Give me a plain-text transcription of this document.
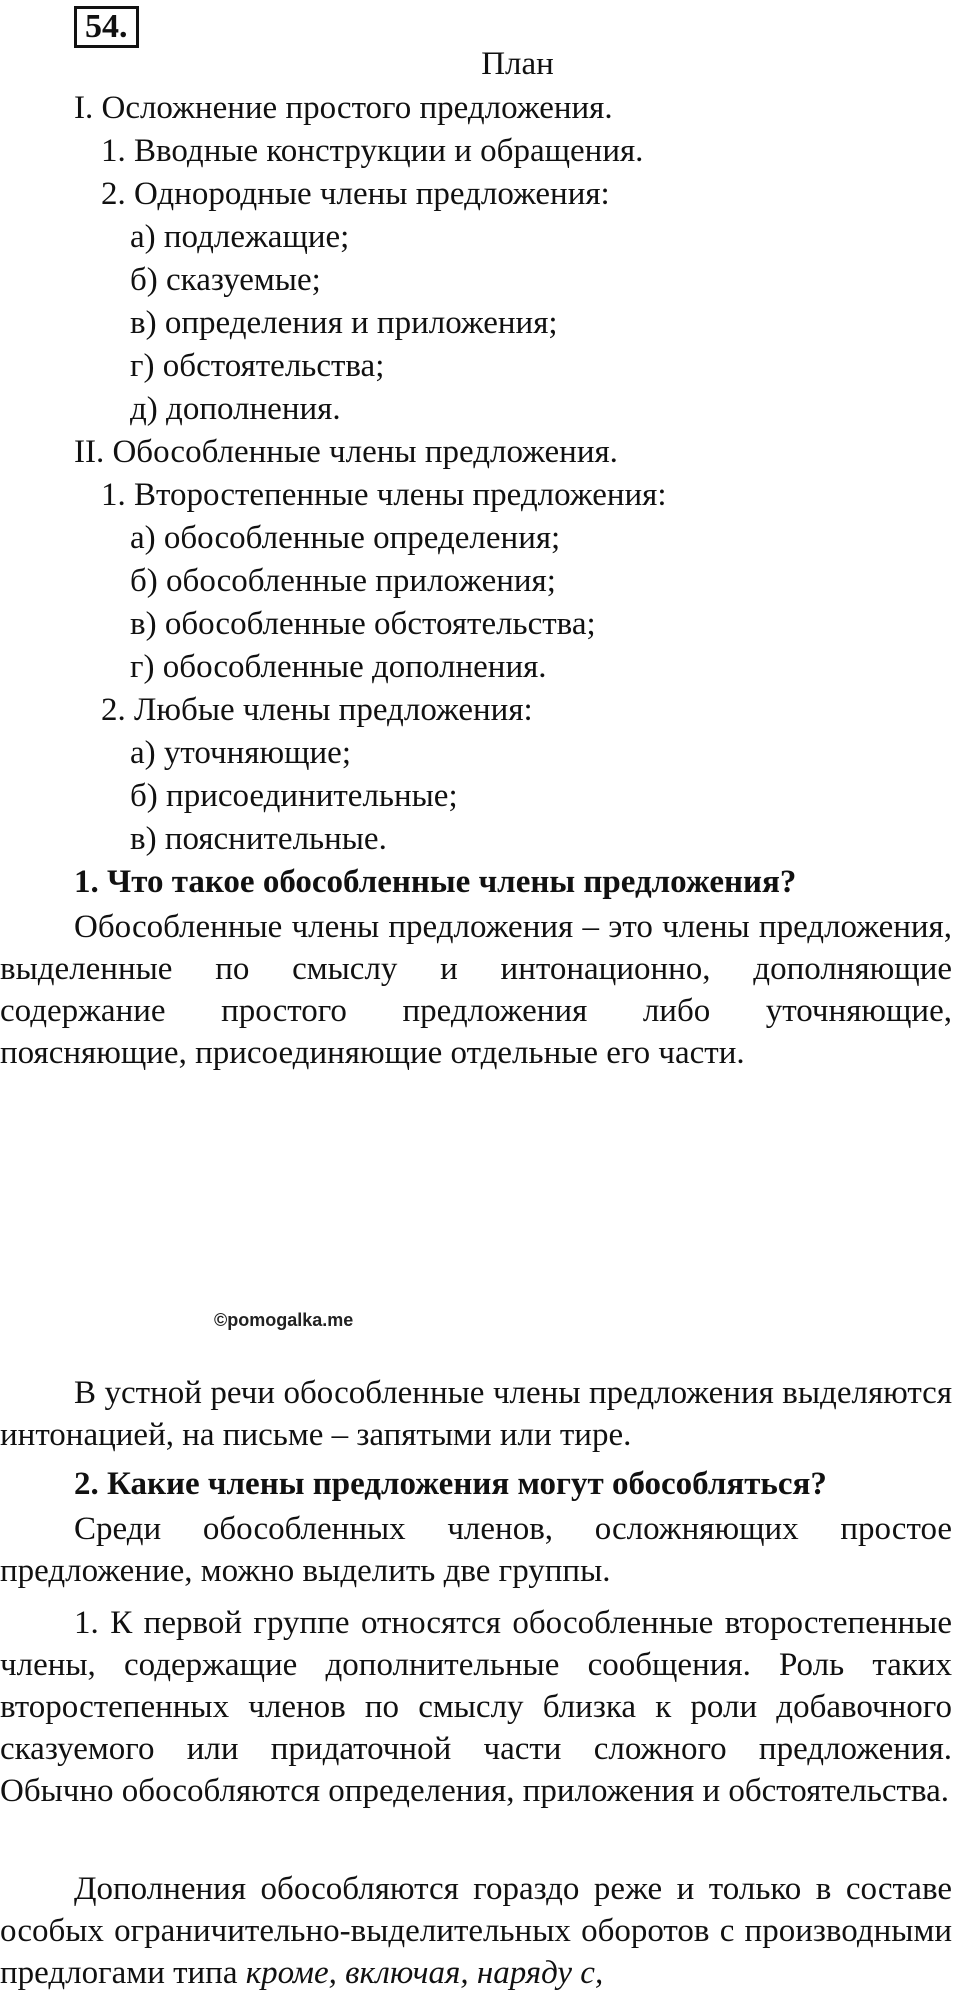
54.
План
I. Осложнение простого предложения.
1. Вводные конструкции и обращения.
2. Однородные члены предложения:
а) подлежащие;
б) сказуемые;
в) определения и приложения;
г) обстоятельства;
д) дополнения.
II. Обособленные члены предложения.
1. Второстепенные члены предложения:
а) обособленные определения;
б) обособленные приложения;
в) обособленные обстоятельства;
г) обособленные дополнения.
2. Любые члены предложения:
а) уточняющие;
б) присоединительные;
в) пояснительные.
1. Что такое обособленные члены предложения?
Обособленные члены предложения – это члены предложения, выделенные по смыслу и интонационно, дополняющие содержание простого предложения либо уточняющие, поясняющие, присоединяющие отдельные его части.
©pomogalka.me
В устной речи обособленные члены предложения выделяются интонацией, на письме – запятыми или тире.
2. Какие члены предложения могут обособляться?
Среди обособленных членов, осложняющих простое предложение, можно выделить две группы.
1. К первой группе относятся обособленные второстепенные члены, содержащие дополнительные сообщения. Роль таких второстепенных членов по смыслу близка к роли добавочного сказуемого или придаточной части сложного предложения. Обычно обособляются определения, приложения и обстоятельства.
Дополнения обособляются гораздо реже и только в составе особых ограничительно-выделительных оборотов с производными предлогами типа кроме, включая, наряду с,
